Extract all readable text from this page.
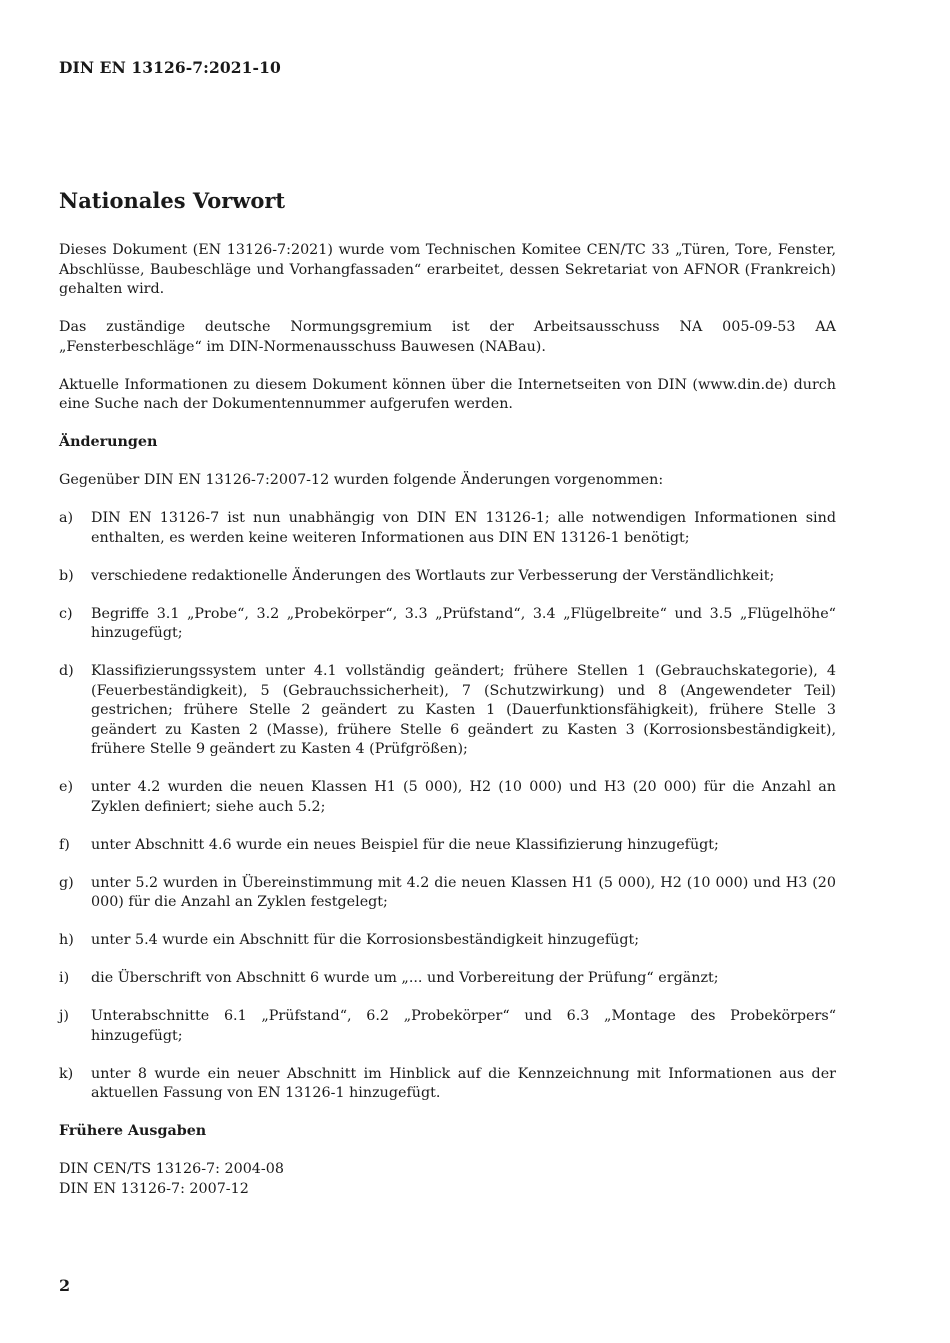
DIN EN 13126-7:2021-10
Nationales Vorwort

Dieses Dokument (EN 13126-7:2021) wurde vom Technischen Komitee CEN/TC 33 „Türen, Tore, Fenster, Abschlüsse, Baubeschläge und Vorhangfassaden“ erarbeitet, dessen Sekretariat von AFNOR (Frankreich) gehalten wird.

Das zuständige deutsche Normungsgremium ist der Arbeitsausschuss NA 005-09-53 AA „Fensterbeschläge“ im DIN-Normenausschuss Bauwesen (NABau).

Aktuelle Informationen zu diesem Dokument können über die Internetseiten von DIN (www.din.de) durch eine Suche nach der Dokumentennummer aufgerufen werden.

Änderungen

Gegenüber DIN EN 13126-7:2007-12 wurden folgende Änderungen vorgenommen:

a)	DIN EN 13126-7 ist nun unabhängig von DIN EN 13126-1; alle notwendigen Informationen sind enthalten, es werden keine weiteren Informationen aus DIN EN 13126-1 benötigt;
b)	verschiedene redaktionelle Änderungen des Wortlauts zur Verbesserung der Verständlichkeit;
c)	Begriffe 3.1 „Probe“, 3.2 „Probekörper“, 3.3 „Prüfstand“, 3.4 „Flügelbreite“ und 3.5 „Flügelhöhe“ hinzugefügt;
d)	Klassifizierungssystem unter 4.1 vollständig geändert; frühere Stellen 1 (Gebrauchskategorie), 4 (Feuerbeständigkeit), 5 (Gebrauchssicherheit), 7 (Schutzwirkung) und 8 (Angewendeter Teil) gestrichen; frühere Stelle 2 geändert zu Kasten 1 (Dauerfunktionsfähigkeit), frühere Stelle 3 geändert zu Kasten 2 (Masse), frühere Stelle 6 geändert zu Kasten 3 (Korrosionsbeständigkeit), frühere Stelle 9 geändert zu Kasten 4 (Prüfgrößen);
e)	unter 4.2 wurden die neuen Klassen H1 (5 000), H2 (10 000) und H3 (20 000) für die Anzahl an Zyklen definiert; siehe auch 5.2;
f)	unter Abschnitt 4.6 wurde ein neues Beispiel für die neue Klassifizierung hinzugefügt;
g)	unter 5.2 wurden in Übereinstimmung mit 4.2 die neuen Klassen H1 (5 000), H2 (10 000) und H3 (20 000) für die Anzahl an Zyklen festgelegt;
h)	unter 5.4 wurde ein Abschnitt für die Korrosionsbeständigkeit hinzugefügt;
i)	die Überschrift von Abschnitt 6 wurde um „... und Vorbereitung der Prüfung“ ergänzt;
j)	Unterabschnitte 6.1 „Prüfstand“, 6.2 „Probekörper“ und 6.3 „Montage des Probekörpers“ hinzugefügt;
k)	unter 8 wurde ein neuer Abschnitt im Hinblick auf die Kennzeichnung mit Informationen aus der aktuellen Fassung von EN 13126-1 hinzugefügt.
Frühere Ausgaben
DIN CEN/TS 13126-7: 2004-08
DIN EN 13126-7: 2007-12
2
